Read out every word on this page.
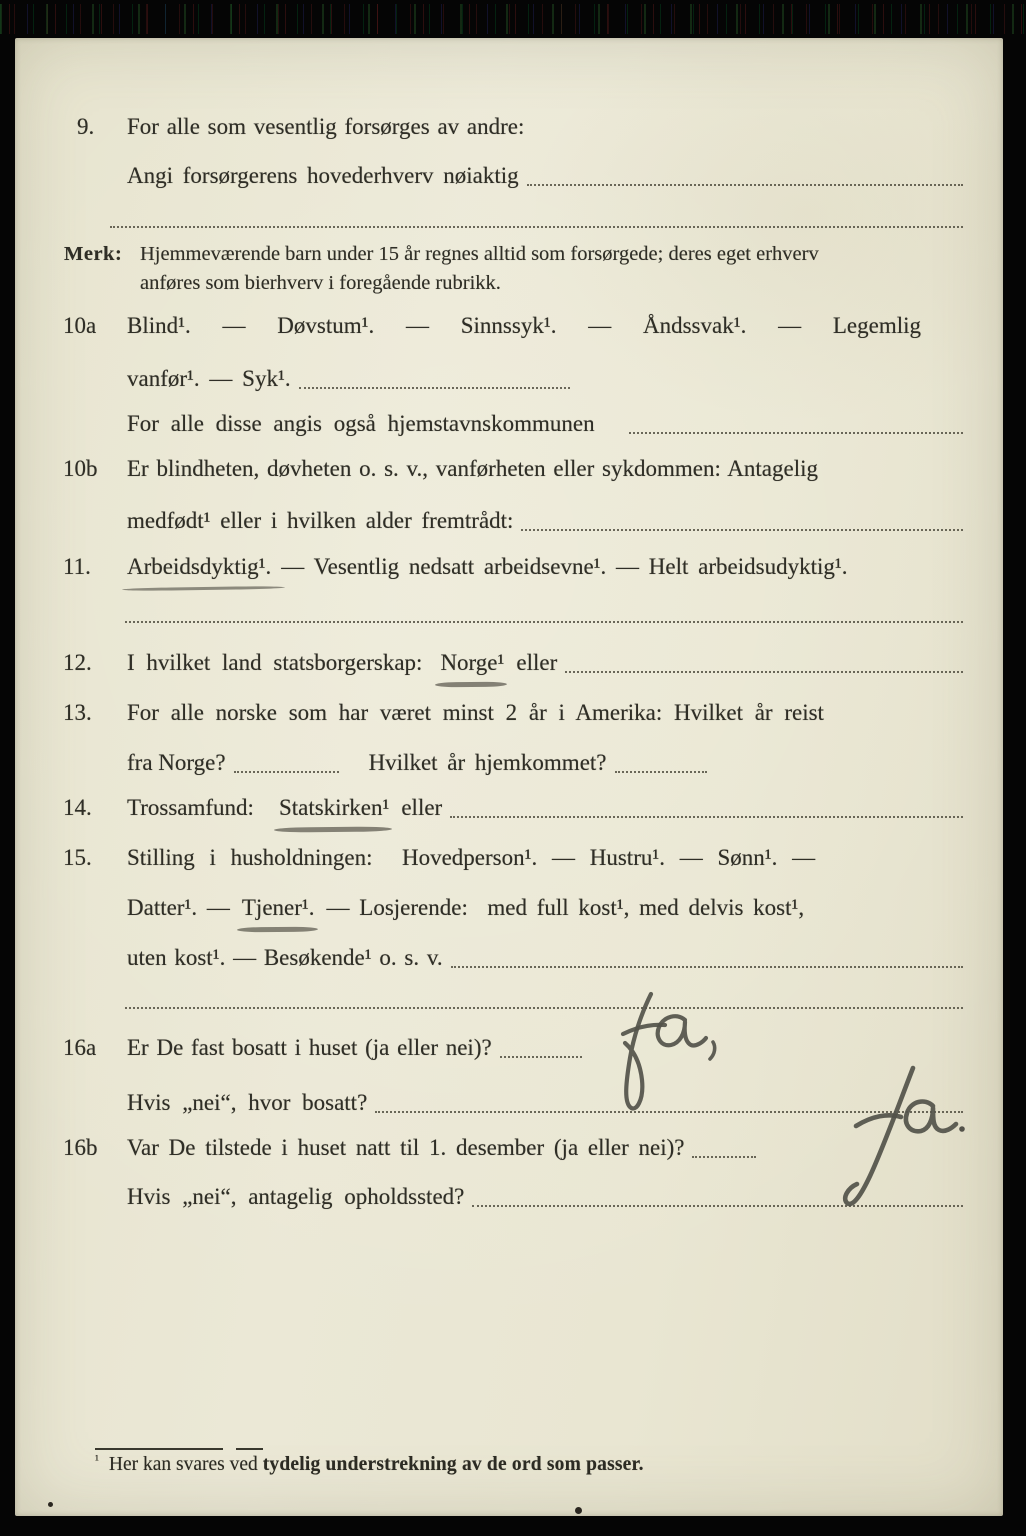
9.	For alle som vesentlig forsørges av andre:
Angi forsørgerens hovederhverv nøiaktig
Merk: Hjemmeværende barn under 15 år regnes alltid som forsørgede; deres eget erhverv
anføres som bierhverv i foregående rubrikk.
10a	Blind¹. — Døvstum¹. — Sinnssyk¹. — Åndssvak¹. — Legemlig
vanfør¹. — Syk¹.
For alle disse angis også hjemstavnskommunen
10b	Er blindheten, døvheten o. s. v., vanførheten eller sykdommen: Antagelig
medfødt¹ eller i hvilken alder fremtrådt:
11.	Arbeidsdyktig¹. — Vesentlig nedsatt arbeidsevne¹. — Helt arbeidsudyktig¹.
12.	I hvilket land statsborgerskap: Norge¹ eller
13.	For alle norske som har været minst 2 år i Amerika: Hvilket år reist
fra Norge?	Hvilket år hjemkommet?
14.	Trossamfund: Statskirken¹ eller
15.	Stilling i husholdningen:  Hovedperson¹. — Hustru¹. — Sønn¹. —
Datter¹. — Tjener¹. — Losjerende:  med full kost¹, med delvis kost¹,
uten kost¹. — Besøkende¹ o. s. v.
16a	Er De fast bosatt i huset (ja eller nei)?
Hvis „nei“, hvor bosatt?
16b	Var De tilstede i huset natt til 1. desember (ja eller nei)?
Hvis „nei“, antagelig opholdssted?
$^{^1}$ Her kan svares ved tydelig understrekning av de ord som passer.
